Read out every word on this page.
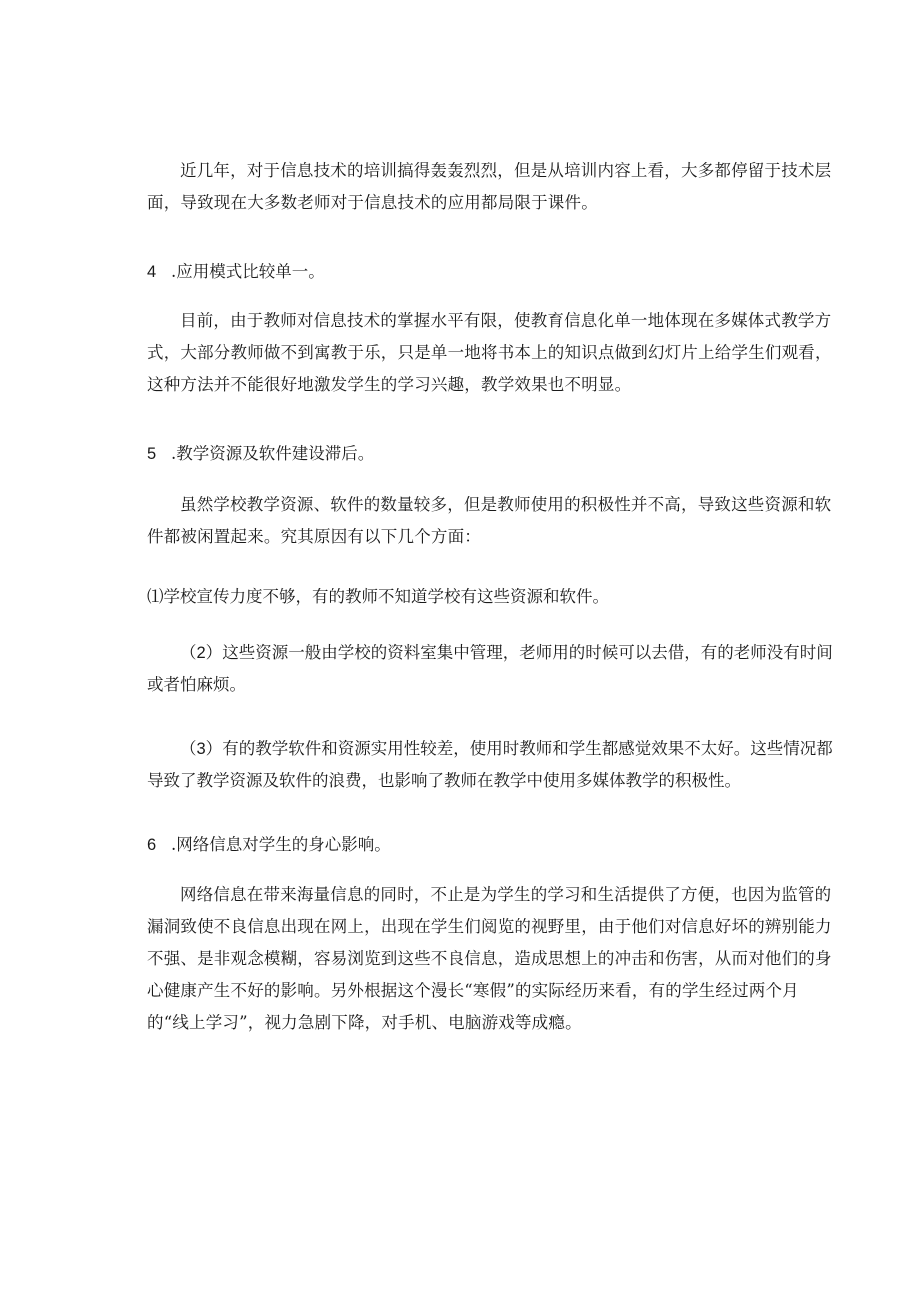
近几年，对于信息技术的培训搞得轰轰烈烈，但是从培训内容上看，大多都停留于技术层面，导致现在大多数老师对于信息技术的应用都局限于课件。

4 .应用模式比较单一。

目前，由于教师对信息技术的掌握水平有限，使教育信息化单一地体现在多媒体式教学方式，大部分教师做不到寓教于乐，只是单一地将书本上的知识点做到幻灯片上给学生们观看，这种方法并不能很好地激发学生的学习兴趣，教学效果也不明显。

5 .教学资源及软件建设滞后。

虽然学校教学资源、软件的数量较多，但是教师使用的积极性并不高，导致这些资源和软件都被闲置起来。究其原因有以下几个方面：

⑴学校宣传力度不够，有的教师不知道学校有这些资源和软件。

（2）这些资源一般由学校的资料室集中管理，老师用的时候可以去借，有的老师没有时间或者怕麻烦。

（3）有的教学软件和资源实用性较差，使用时教师和学生都感觉效果不太好。这些情况都导致了教学资源及软件的浪费，也影响了教师在教学中使用多媒体教学的积极性。

6 .网络信息对学生的身心影响。

网络信息在带来海量信息的同时，不止是为学生的学习和生活提供了方便，也因为监管的漏洞致使不良信息出现在网上，出现在学生们阅览的视野里，由于他们对信息好坏的辨别能力不强、是非观念模糊，容易浏览到这些不良信息，造成思想上的冲击和伤害，从而对他们的身心健康产生不好的影响。另外根据这个漫长“寒假”的实际经历来看，有的学生经过两个月的“线上学习”，视力急剧下降，对手机、电脑游戏等成瘾。
